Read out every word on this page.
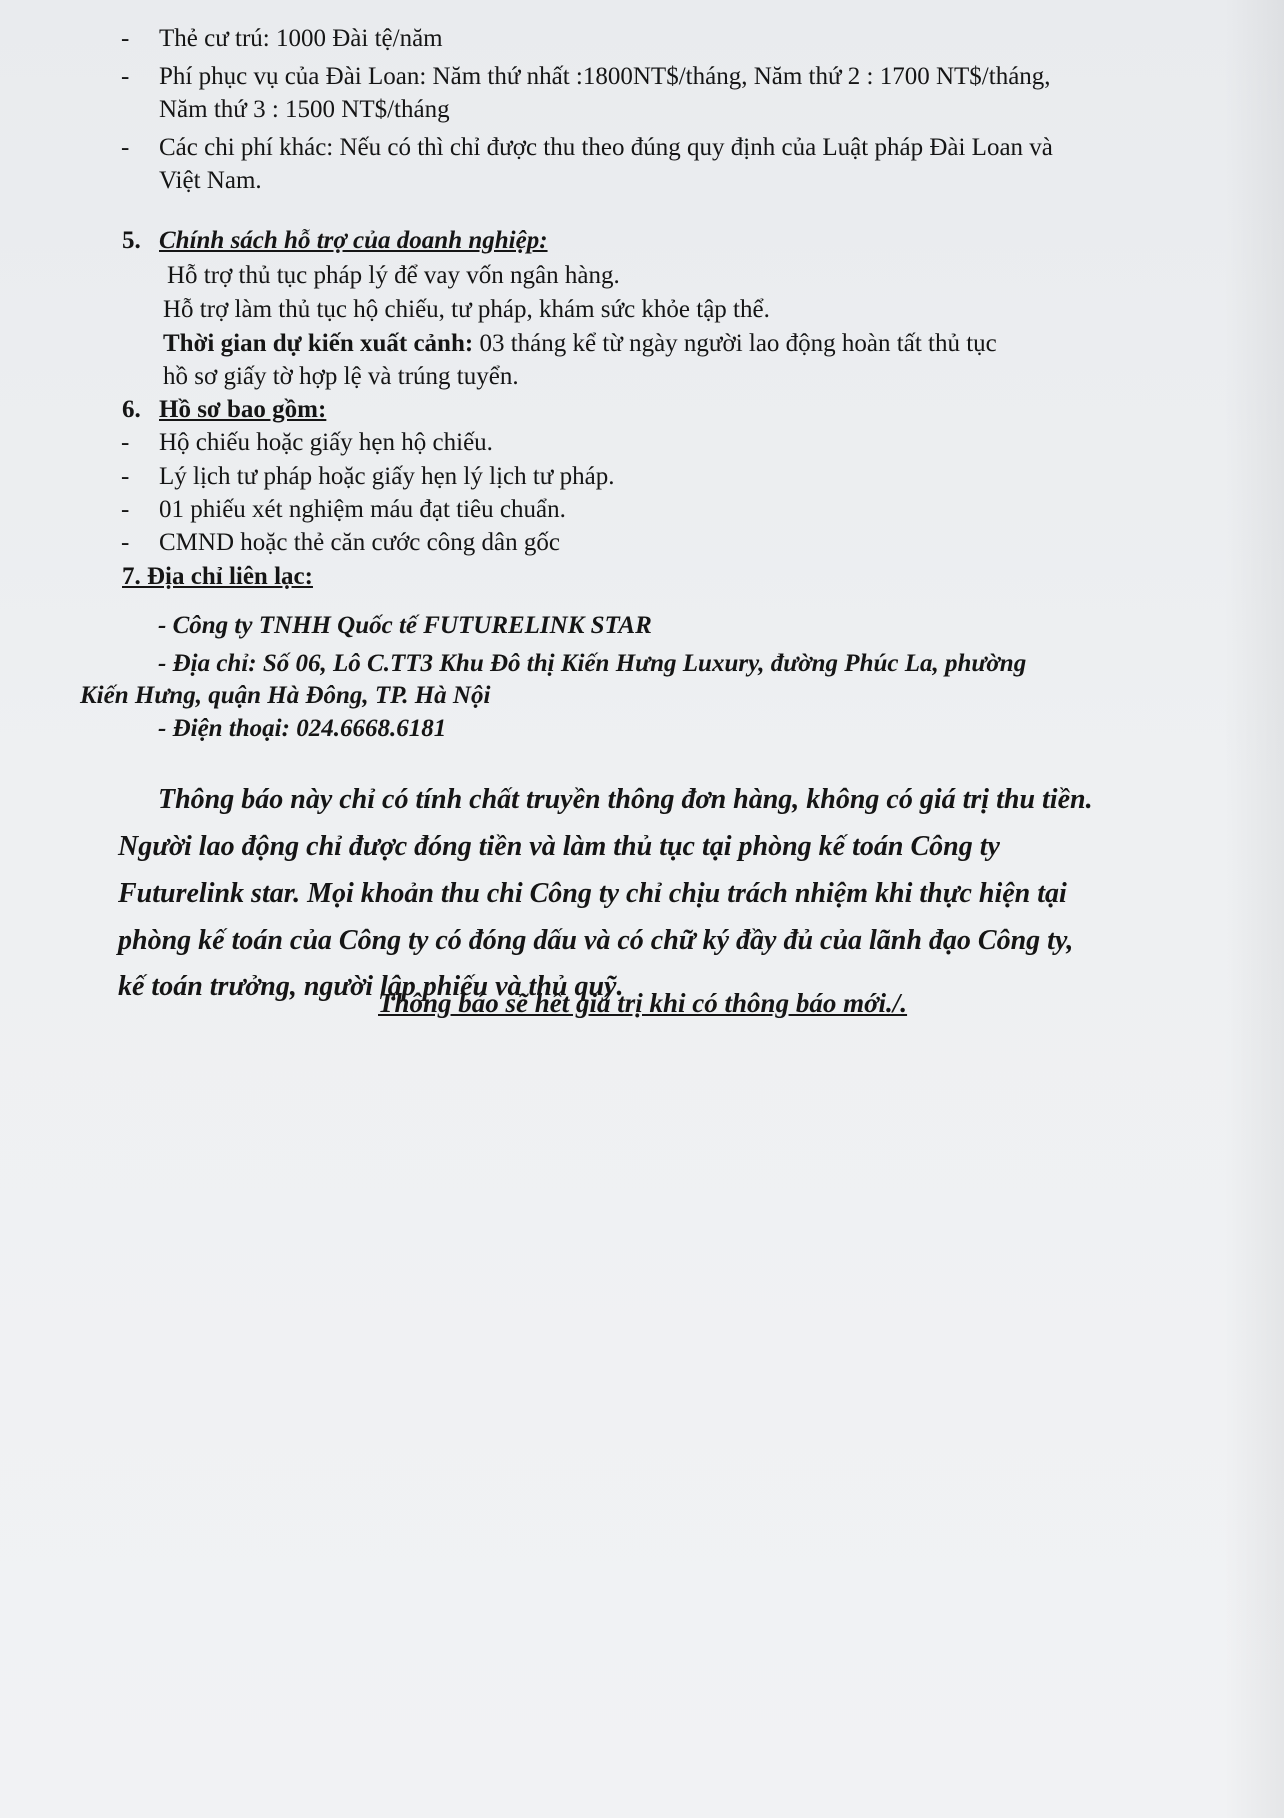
- Thẻ cư trú: 1000 Đài tệ/năm
- Phí phục vụ của Đài Loan: Năm thứ nhất :1800NT$/tháng, Năm thứ 2 : 1700 NT$/tháng,
Năm thứ 3 : 1500 NT$/tháng
- Các chi phí khác: Nếu có thì chỉ được thu theo đúng quy định của Luật pháp Đài Loan và
Việt Nam.
5. Chính sách hỗ trợ của doanh nghiệp:
Hỗ trợ thủ tục pháp lý để vay vốn ngân hàng.
Hỗ trợ làm thủ tục hộ chiếu, tư pháp, khám sức khỏe tập thể.
Thời gian dự kiến xuất cảnh: 03 tháng kể từ ngày người lao động hoàn tất thủ tục
hồ sơ giấy tờ hợp lệ và trúng tuyển.
6. Hồ sơ bao gồm:
- Hộ chiếu hoặc giấy hẹn hộ chiếu.
- Lý lịch tư pháp hoặc giấy hẹn lý lịch tư pháp.
- 01 phiếu xét nghiệm máu đạt tiêu chuẩn.
- CMND hoặc thẻ căn cước công dân gốc
7. Địa chỉ liên lạc:
- Công ty TNHH Quốc tế FUTURELINK STAR
- Địa chỉ: Số 06, Lô C.TT3 Khu Đô thị Kiến Hưng Luxury, đường Phúc La, phường
Kiến Hưng, quận Hà Đông, TP. Hà Nội
- Điện thoại: 024.6668.6181
Thông báo này chỉ có tính chất truyền thông đơn hàng, không có giá trị thu tiền.
Người lao động chỉ được đóng tiền và làm thủ tục tại phòng kế toán Công ty
Futurelink star. Mọi khoản thu chi Công ty chỉ chịu trách nhiệm khi thực hiện tại
phòng kế toán của Công ty có đóng dấu và có chữ ký đầy đủ của lãnh đạo Công ty,
kế toán trưởng, người lập phiếu và thủ quỹ.
Thông báo sẽ hết giá trị khi có thông báo mới./.
